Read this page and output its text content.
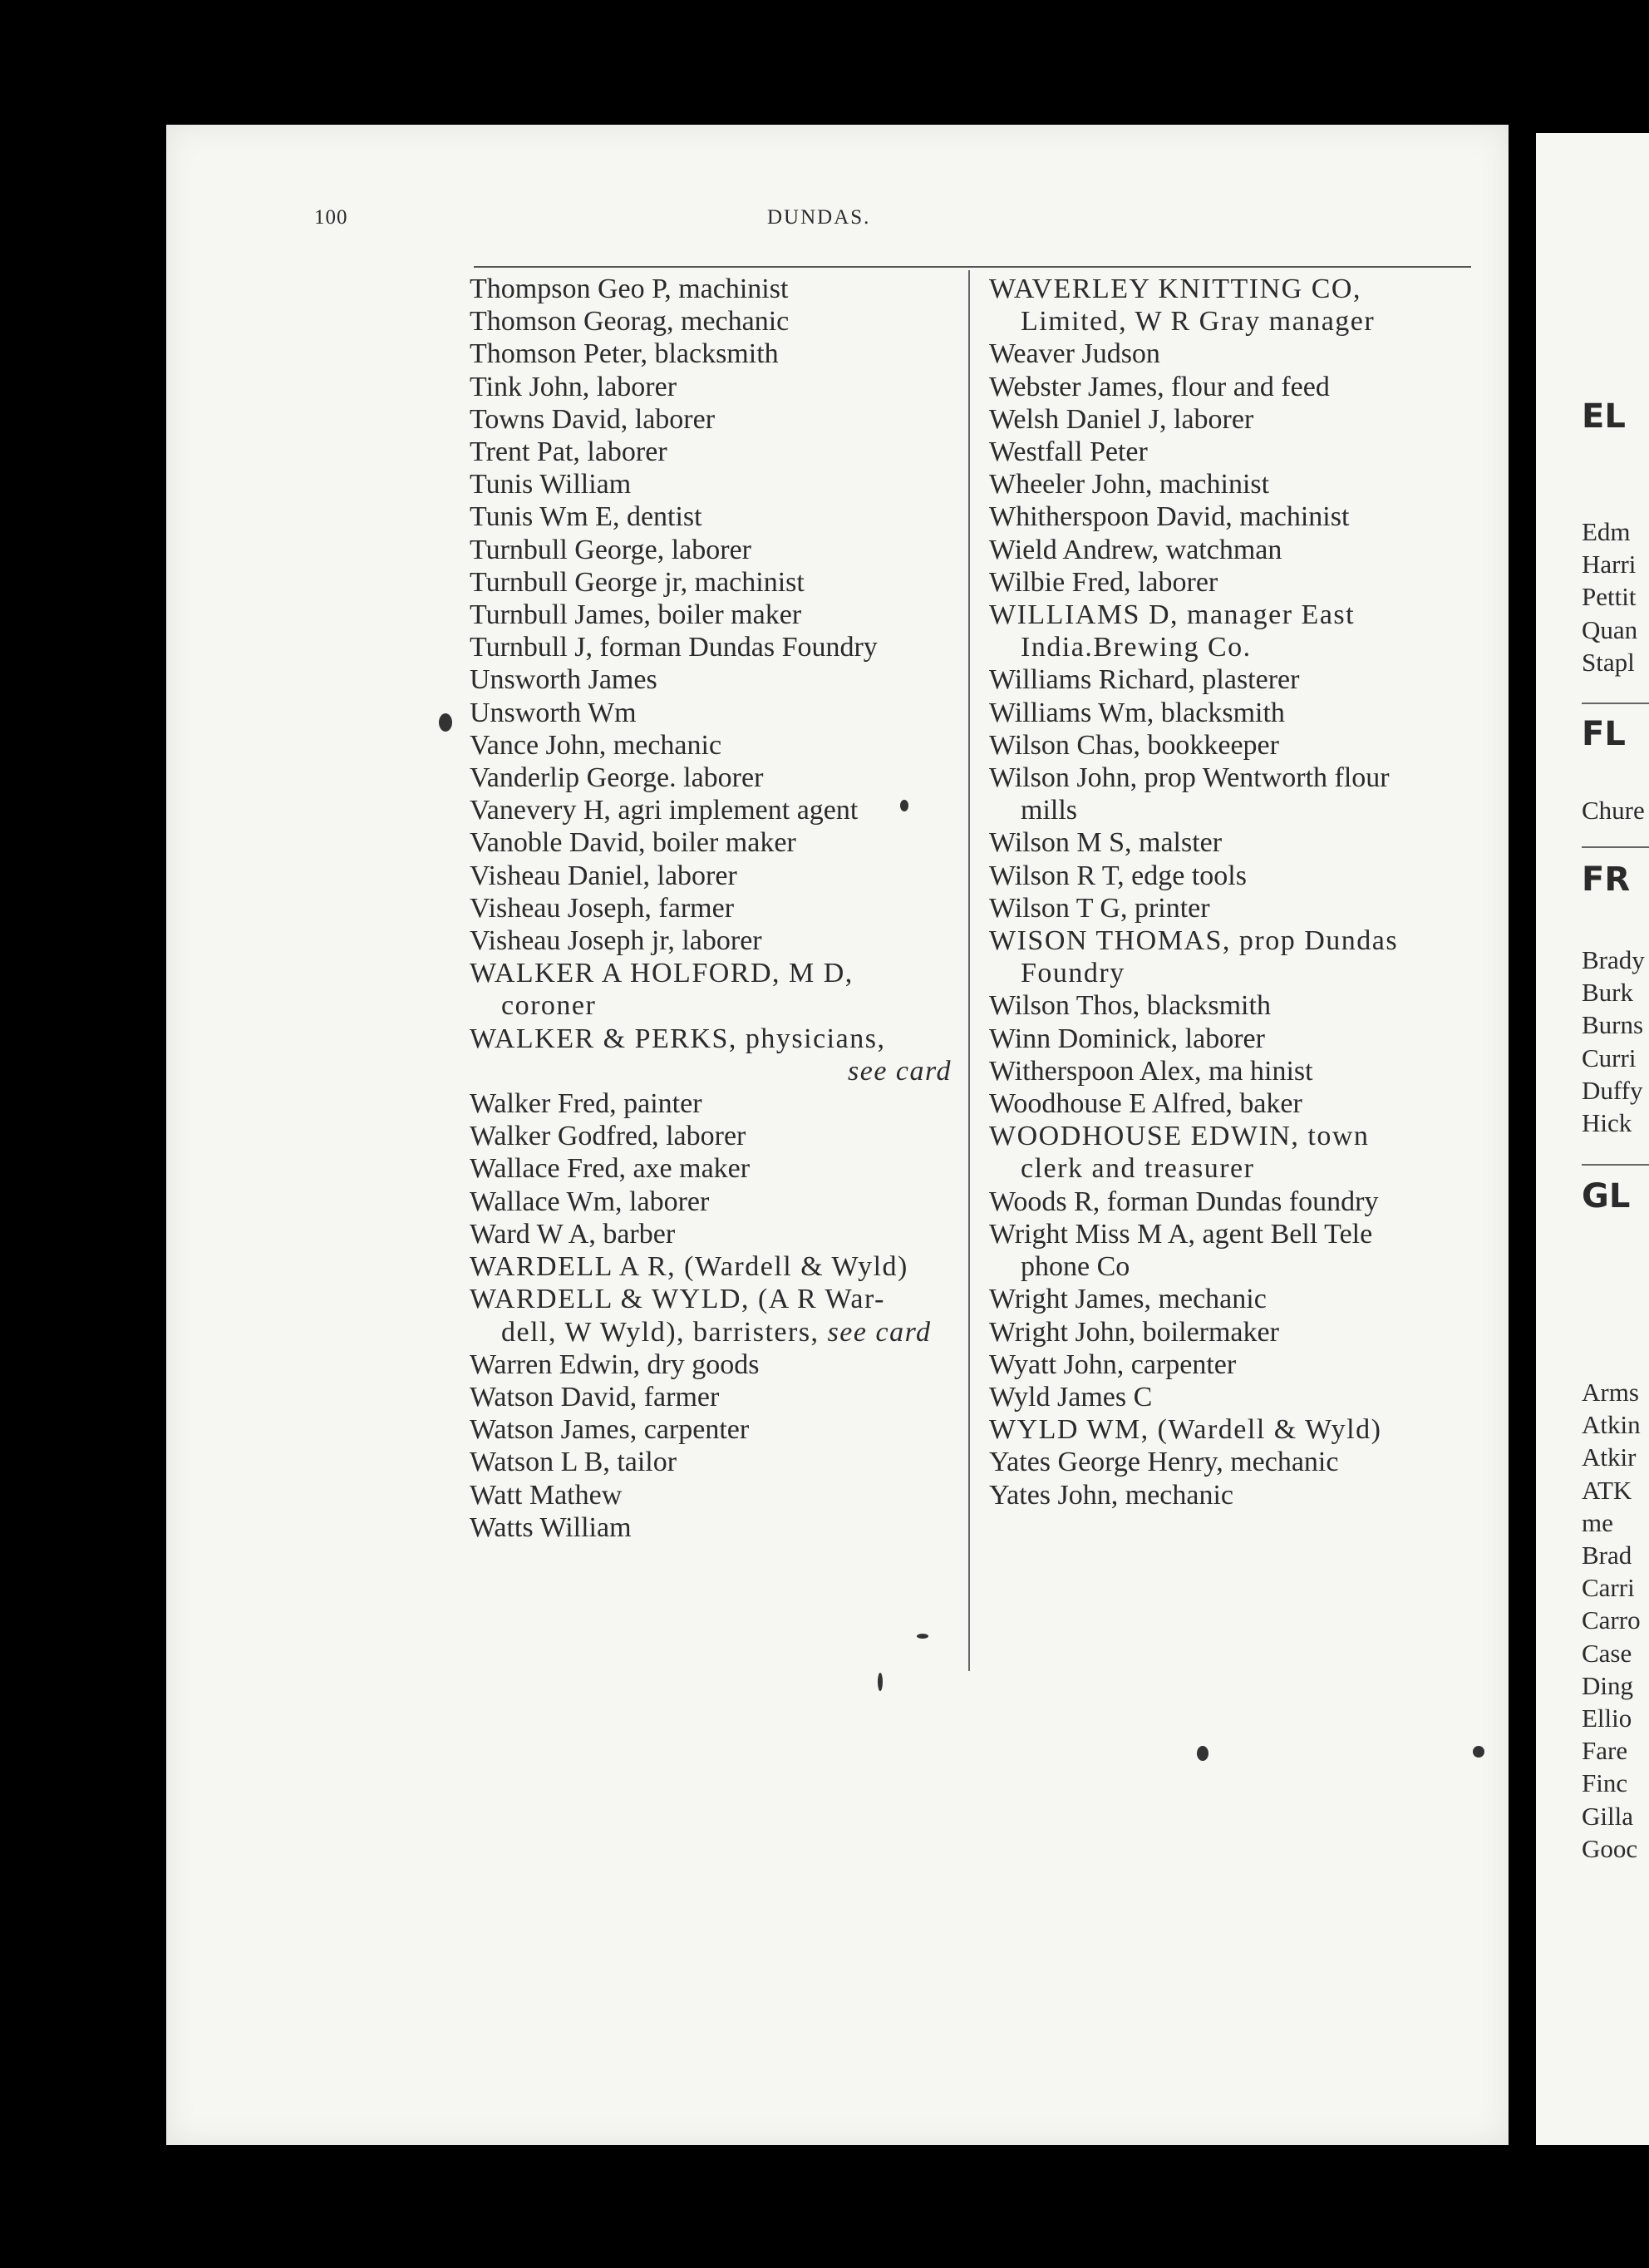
100	DUNDAS.
Thompson Geo P, machinist
Thomson Georag, mechanic
Thomson Peter, blacksmith
Tink John, laborer
Towns David, laborer
Trent Pat, laborer
Tunis William
Tunis Wm E, dentist
Turnbull George, laborer
Turnbull George jr, machinist
Turnbull James, boiler maker
Turnbull J, forman Dundas Foundry
Unsworth James
Unsworth Wm
Vance John, mechanic
Vanderlip George. laborer
Vanevery H, agri implement agent
Vanoble David, boiler maker
Visheau Daniel, laborer
Visheau Joseph, farmer
Visheau Joseph jr, laborer
WALKER A HOLFORD, M D,
coroner
WALKER & PERKS, physicians,
see card
Walker Fred, painter
Walker Godfred, laborer
Wallace Fred, axe maker
Wallace Wm, laborer
Ward W A, barber
WARDELL A R, (Wardell & Wyld)
WARDELL & WYLD, (A R War-
dell, W Wyld), barristers, see card
Warren Edwin, dry goods
Watson David, farmer
Watson James, carpenter
Watson L B, tailor
Watt Mathew
Watts William
WAVERLEY KNITTING CO,
Limited, W R Gray manager
Weaver Judson
Webster James, flour and feed
Welsh Daniel J, laborer
Westfall Peter
Wheeler John, machinist
Whitherspoon David, machinist
Wield Andrew, watchman
Wilbie Fred, laborer
WILLIAMS D, manager East
India.Brewing Co.
Williams Richard, plasterer
Williams Wm, blacksmith
Wilson Chas, bookkeeper
Wilson John, prop Wentworth flour
mills
Wilson M S, malster
Wilson R T, edge tools
Wilson T G, printer
WISON THOMAS, prop Dundas
Foundry
Wilson Thos, blacksmith
Winn Dominick, laborer
Witherspoon Alex, ma hinist
Woodhouse E Alfred, baker
WOODHOUSE EDWIN, town
clerk and treasurer
Woods R, forman Dundas foundry
Wright Miss M A, agent Bell Tele
phone Co
Wright James, mechanic
Wright John, boilermaker
Wyatt John, carpenter
Wyld James C
WYLD WM, (Wardell & Wyld)
Yates George Henry, mechanic
Yates John, mechanic
EL
FL
FR
GL
Edm
Harri
Pettit
Quan
Stapl
Chure
Brady
Burk
Burns
Curri
Duffy
Hick
Arms
Atkin
Atkir
ATK
me
Brad
Carri
Carro
Case
Ding
Ellio
Fare
Finc
Gilla
Gooc
